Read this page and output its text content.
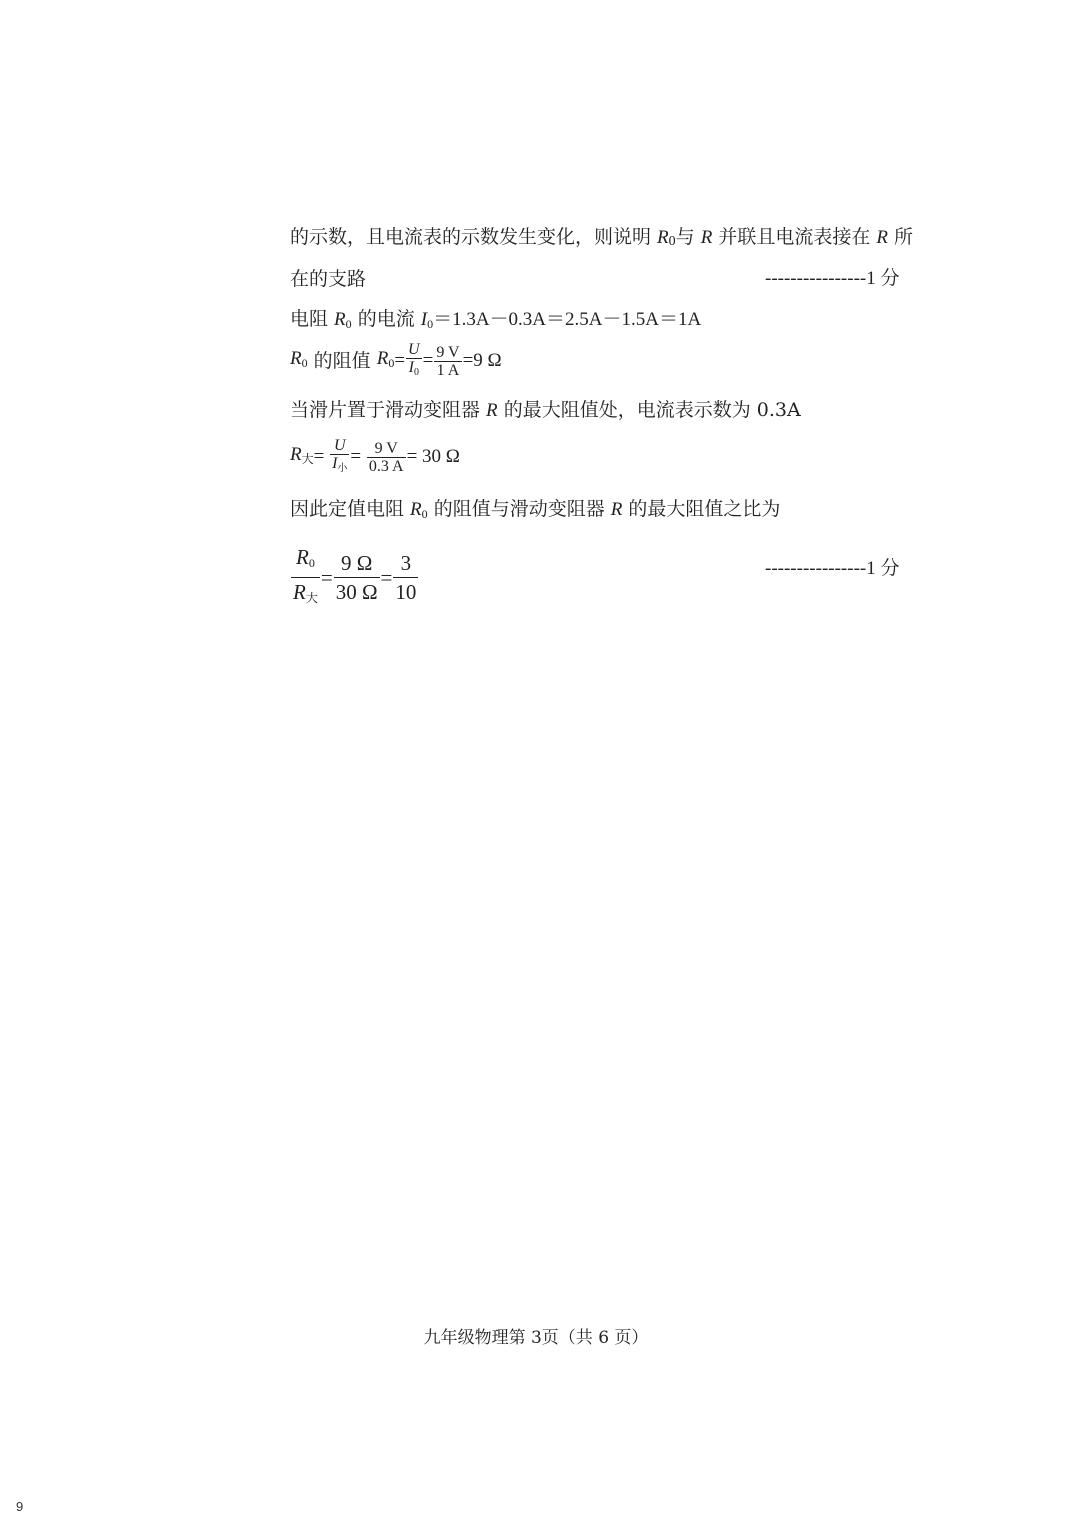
的示数，且电流表的示数发生变化，则说明 $R_0$与 R 并联且电流表接在 R 所
在的支路	----------------1 分
电阻 $R_0$ 的电流 $I_0=1.3A-0.3A=2.5A-1.5A=1A$
$R_0$ 的阻值 $R_0= \frac{U}{I_0} = \frac{9 V}{1 A} =9$ Ω
当滑片置于滑动变阻器 R 的最大阻值处，电流表示数为 0.3A
$R_大= \frac{U}{I_小} = \frac{9 V}{0.3 A} = 30$ Ω
因此定值电阻 $R_0$ 的阻值与滑动变阻器 R 的最大阻值之比为
$\frac{R_0}{R_大} = \frac{9 \Omega}{30 \Omega} = \frac{3}{10}$	----------------1 分
九年级物理第 3页（共 6 页）
9
